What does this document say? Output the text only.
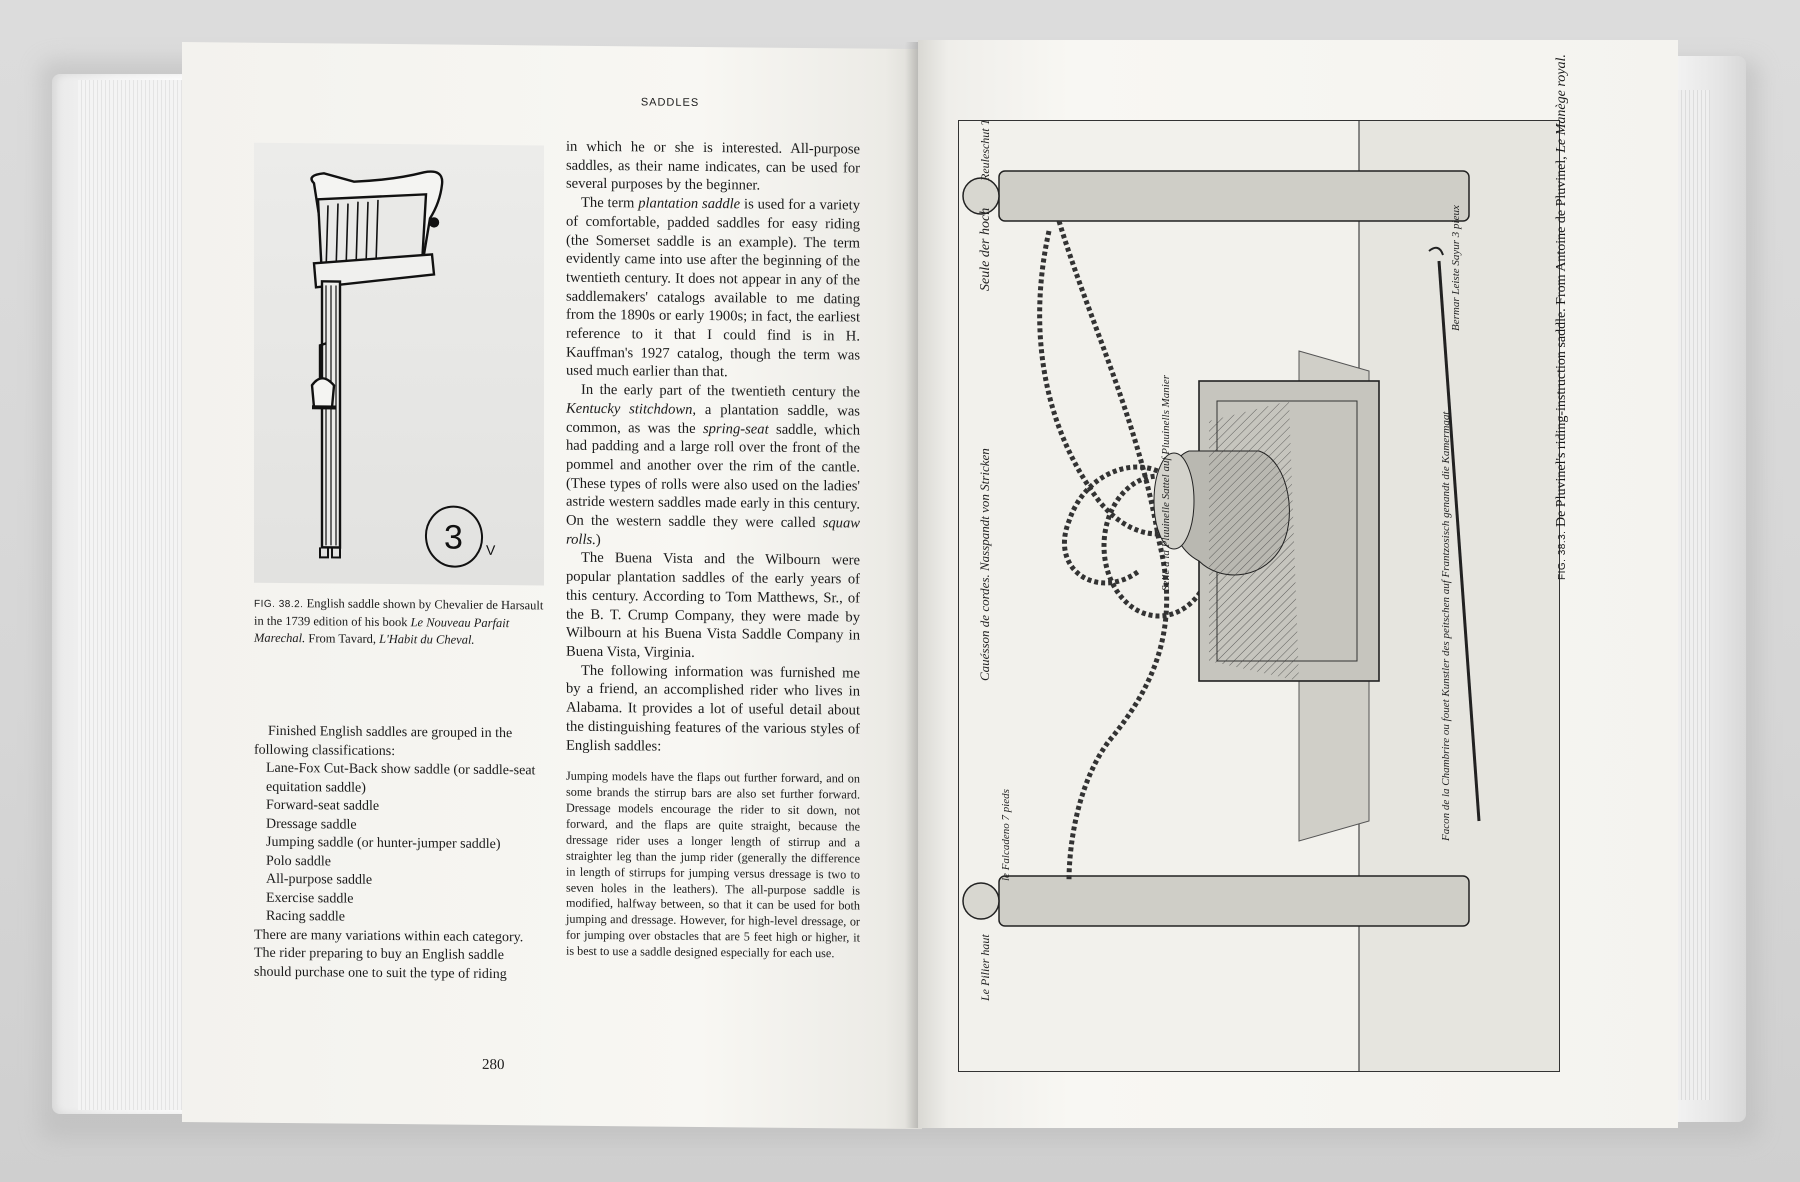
SADDLES
3 V
FIG. 38.2. English saddle shown by Chevalier de Harsault in the 1739 edition of his book Le Nouveau Parfait Marechal. From Tavard, L'Habit du Cheval.

Finished English saddles are grouped in the following classifications:

Lane-Fox Cut-Back show saddle (or saddle-seat equitation saddle)
Forward-seat saddle
Dressage saddle
Jumping saddle (or hunter-jumper saddle)
Polo saddle
All-purpose saddle
Exercise saddle
Racing saddle

There are many variations within each category. The rider preparing to buy an English saddle should purchase one to suit the type of riding

in which he or she is interested. All-purpose saddles, as their name indicates, can be used for several purposes by the beginner.

The term plantation saddle is used for a variety of comfortable, padded saddles for easy riding (the Somerset saddle is an example). The term evidently came into use after the beginning of the twentieth century. It does not appear in any of the saddlemakers' catalogs available to me dating from the 1890s or early 1900s; in fact, the earliest reference to it that I could find is in H. Kauffman's 1927 catalog, though the term was used much earlier than that.

In the early part of the twentieth century the Kentucky stitchdown, a plantation saddle, was common, as was the spring-seat saddle, which had padding and a large roll over the front of the pommel and another over the rim of the cantle. (These types of rolls were also used on the ladies' astride western saddles made early in this century. On the western saddle they were called squaw rolls.)

The Buena Vista and the Wilbourn were popular plantation saddles of the early years of this century. According to Tom Matthews, Sr., of the B. T. Crump Company, they were made by Wilbourn at his Buena Vista Saddle Company in Buena Vista, Virginia.

The following information was furnished me by a friend, an accomplished rider who lives in Alabama. It provides a lot of useful detail about the distinguishing features of the various styles of English saddles:

Jumping models have the flaps out further forward, and on some brands the stirrup bars are also set further forward. Dressage models encourage the rider to sit down, not forward, and the flaps are quite straight, because the dressage rider uses a longer length of stirrup and a straighter leg than the jump rider (generally the difference in length of stirrups for jumping versus dressage is two to seven holes in the leathers). The all-purpose saddle is modified, halfway between, so that it can be used for both jumping and dressage. However, for high-level dressage, or for jumping over obstacles that are 5 feet high or higher, it is best to use a saddle designed especially for each use.

280
Seule der hoch
Reuleschut Ti hu
Cauésson de cordes. Nasspandt von Stricken	Selle a la Pluuinelle Sattel auf Pluuinells Manier	Facon de la Chambrire ou fouet Kunstler des peitschen auf Frantzosisch genandt die Kamermagt
Bermar Leiste Sayur 3 pieux
Le Pilier haut
le Falcadeno 7 pieds
FIG. 38.3. De Pluvinel's riding-instruction saddle. From Antoine de Pluvinel, Le Manège royal.
